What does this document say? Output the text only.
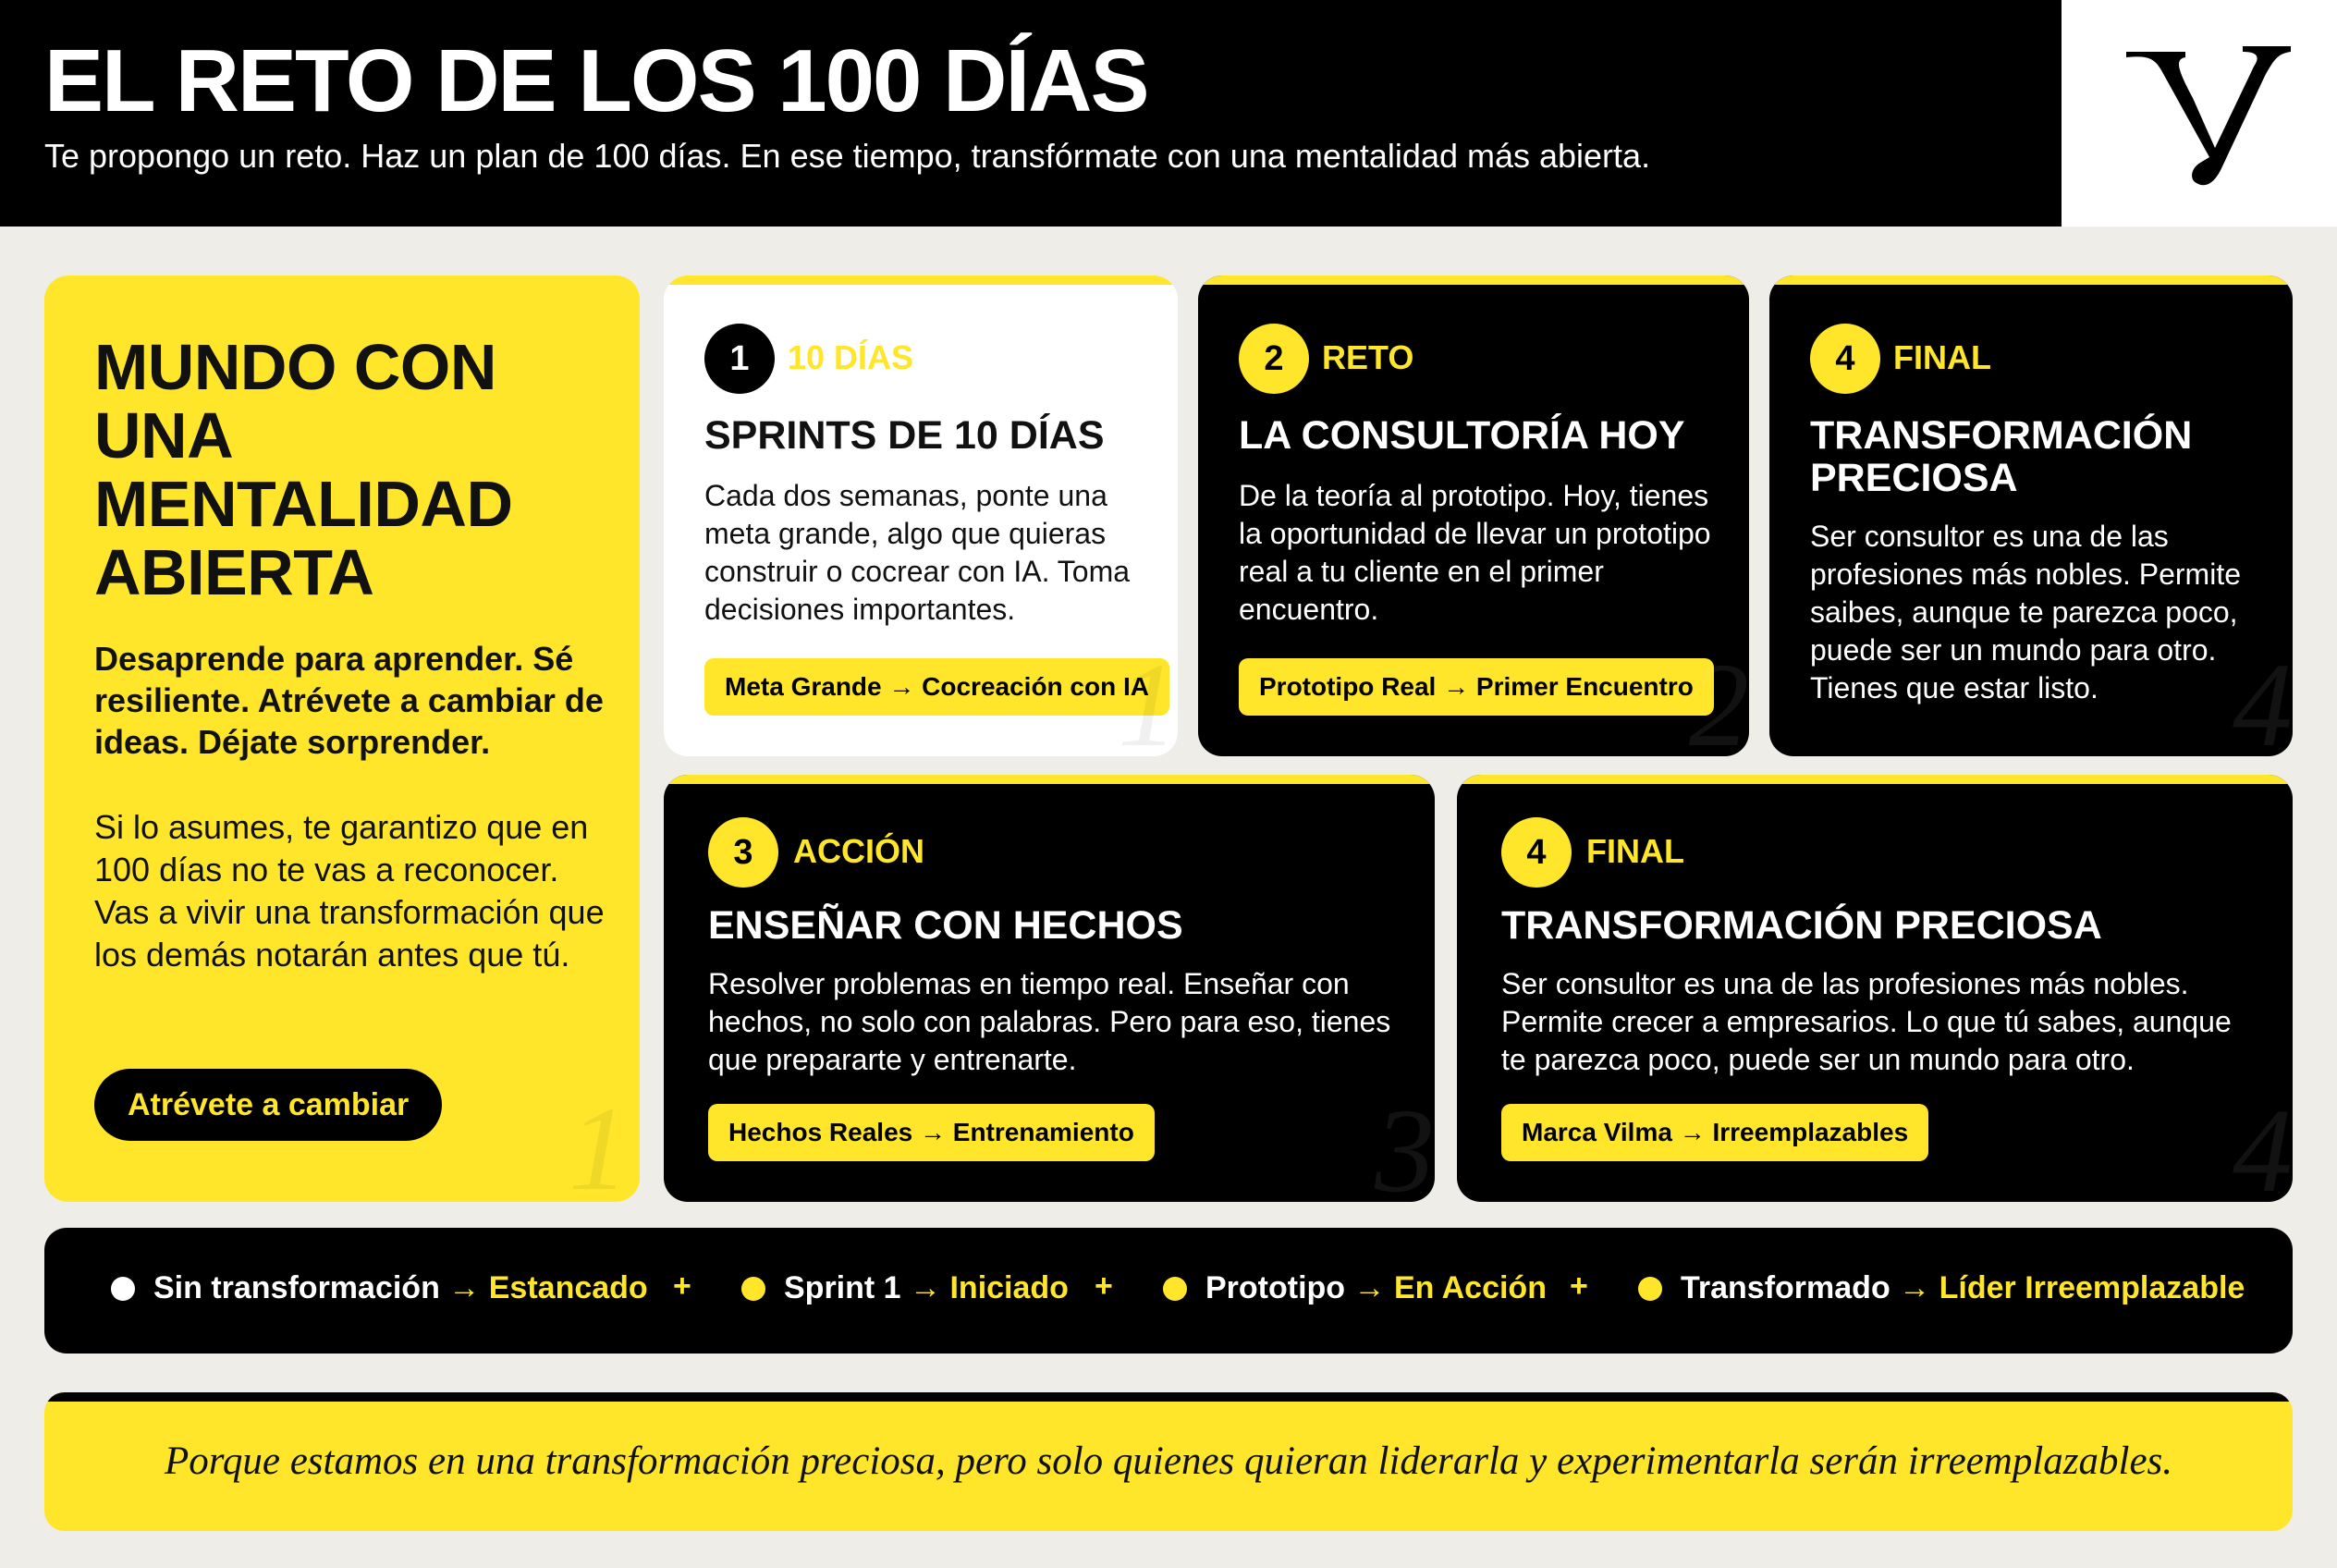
EL RETO DE LOS 100 DÍAS

Te propongo un reto. Haz un plan de 100 días. En ese tiempo, transfórmate con una mentalidad más abierta.

MUNDO CON
UNA
MENTALIDAD
ABIERTA

Desaprende para aprender. Sé resiliente. Atrévete a cambiar de ideas. Déjate sorprender.

Si lo asumes, te garantizo que en 100 días no te vas a reconocer. Vas a vivir una transformación que los demás notarán antes que tú.

Atrévete a cambiar 1
1	10 DÍAS
SPRINTS DE 10 DÍAS

Cada dos semanas, ponte una meta grande, algo que quieras construir o cocrear con IA. Toma decisiones importantes.

Meta Grande → Cocreación con IA
1
2	RETO
LA CONSULTORÍA HOY

De la teoría al prototipo. Hoy, tienes la oportunidad de llevar un prototipo real a tu cliente en el primer encuentro.

Prototipo Real → Primer Encuentro
2
4	FINAL
TRANSFORMACIÓN PRECIOSA

Ser consultor es una de las profesiones más nobles. Permite saibes, aunque te parezca poco, puede ser un mundo para otro. Tienes que estar listo.	4
3	ACCIÓN
ENSEÑAR CON HECHOS

Resolver problemas en tiempo real. Enseñar con hechos, no solo con palabras. Pero para eso, tienes que prepararte y entrenarte.

Hechos Reales → Entrenamiento 3
4	FINAL
TRANSFORMACIÓN PRECIOSA

Ser consultor es una de las profesiones más nobles. Permite crecer a empresarios. Lo que tú sabes, aunque te parezca poco, puede ser un mundo para otro.

Marca Vilma → Irreemplazables	4
Sin transformación → Estancado +	Sprint 1 → Iniciado +	Prototipo → En Acción +	Transformado → Líder Irreemplazable

Porque estamos en una transformación preciosa, pero solo quienes quieran liderarla y experimentarla serán irreemplazables.
